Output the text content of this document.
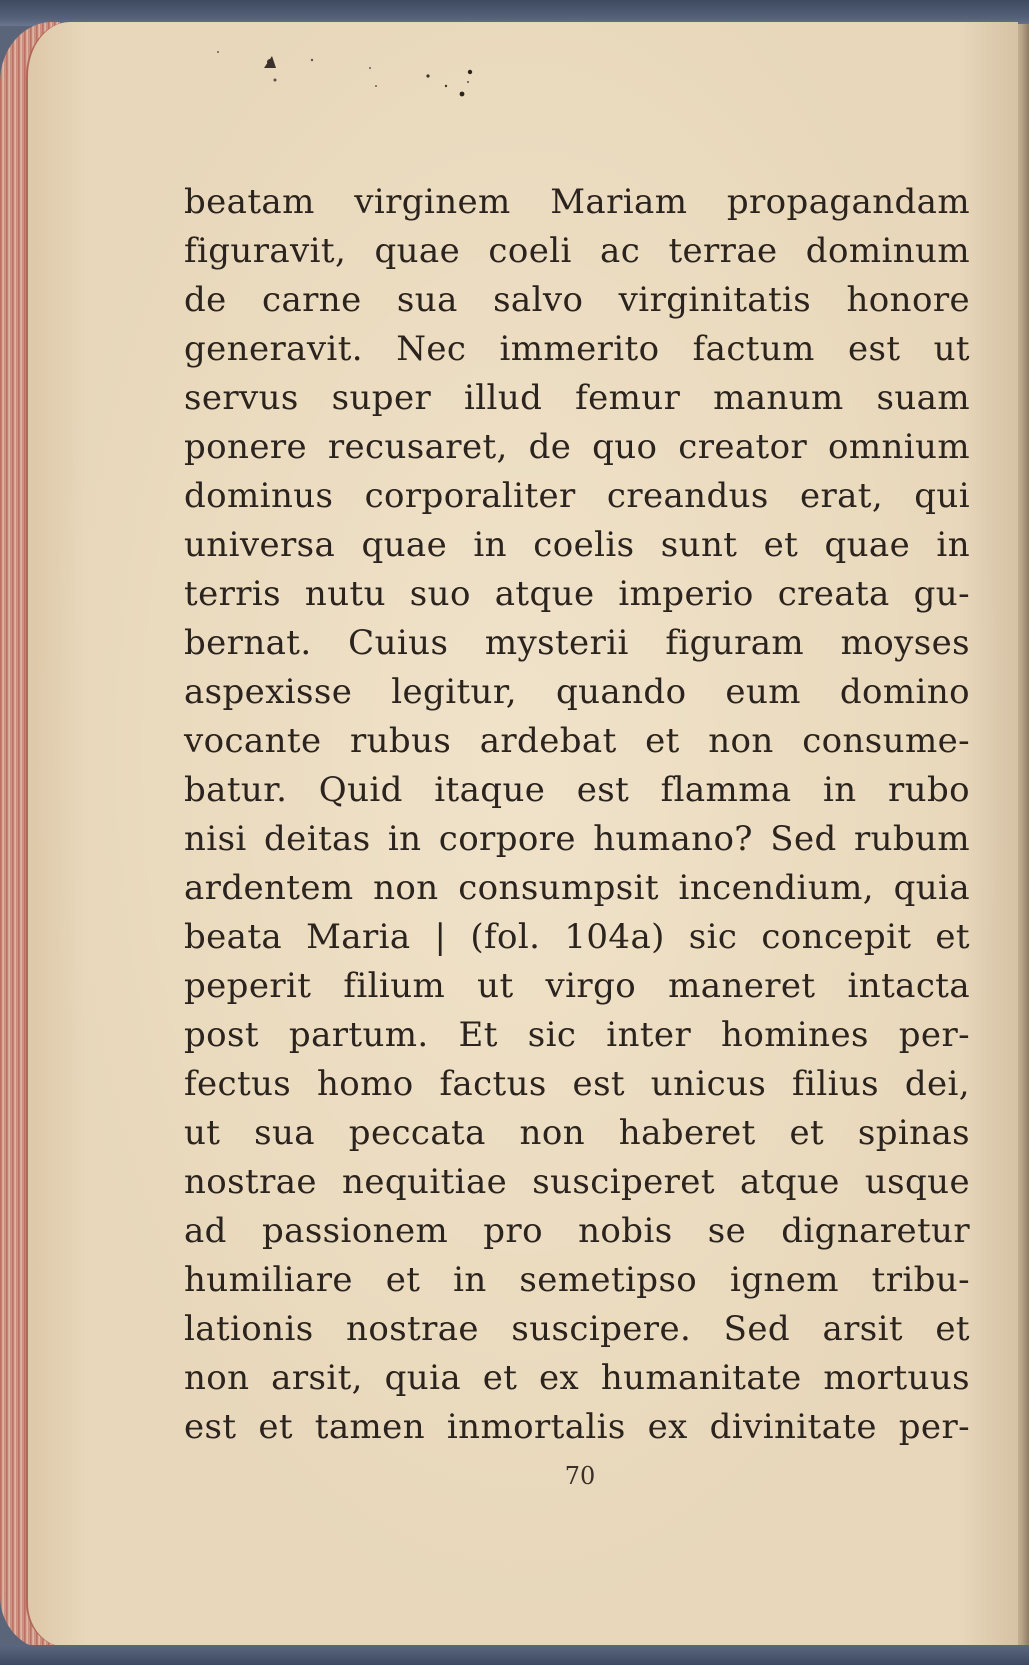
beatam virginem Mariam propagandam
figuravit, quae coeli ac terrae dominum
de carne sua salvo virginitatis honore
generavit. Nec immerito factum est ut
servus super illud femur manum suam
ponere recusaret, de quo creator omnium
dominus corporaliter creandus erat, qui
universa quae in coelis sunt et quae in
terris nutu suo atque imperio creata gu-
bernat. Cuius mysterii figuram moyses
aspexisse legitur, quando eum domino
vocante rubus ardebat et non consume-
batur. Quid itaque est flamma in rubo
nisi deitas in corpore humano? Sed rubum
ardentem non consumpsit incendium, quia
beata Maria | (fol. 104a) sic concepit et
peperit filium ut virgo maneret intacta
post partum. Et sic inter homines per-
fectus homo factus est unicus filius dei,
ut sua peccata non haberet et spinas
nostrae nequitiae susciperet atque usque
ad passionem pro nobis se dignaretur
humiliare et in semetipso ignem tribu-
lationis nostrae suscipere. Sed arsit et
non arsit, quia et ex humanitate mortuus
est et tamen inmortalis ex divinitate per-
70
